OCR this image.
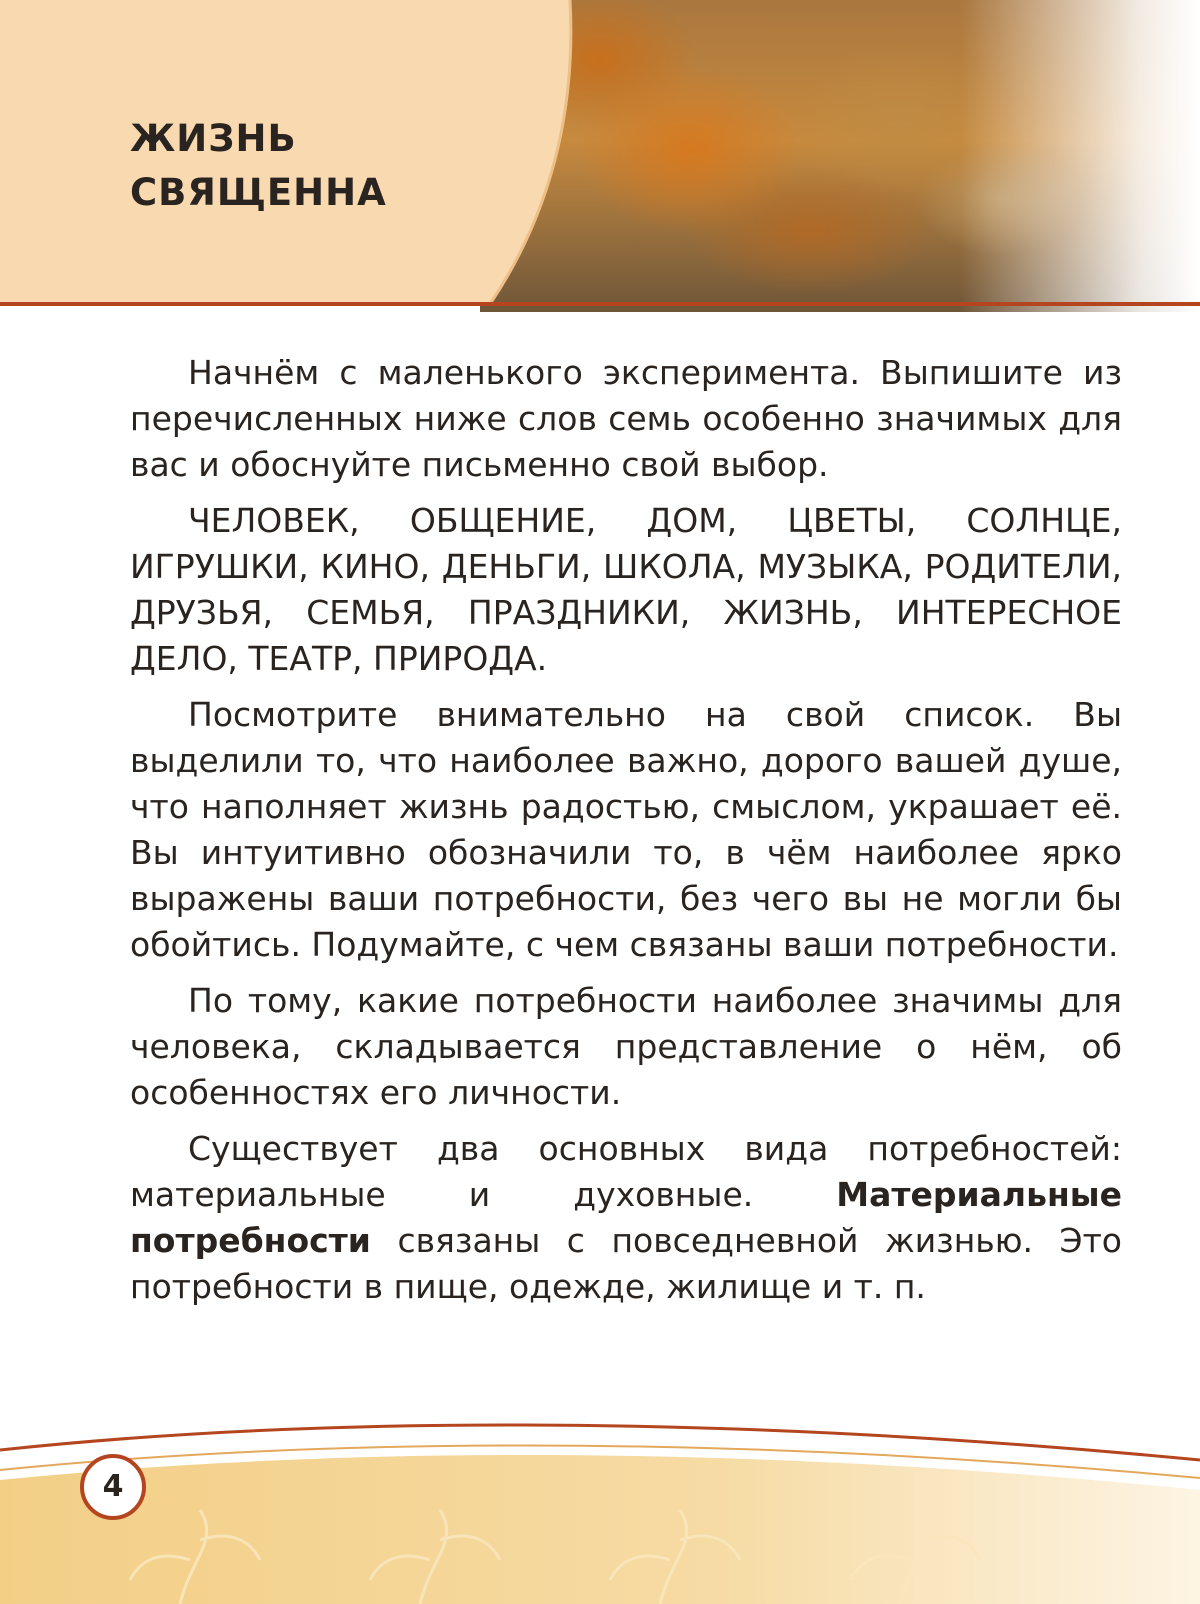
ЖИЗНЬ
СВЯЩЕННА

Начнём с маленького эксперимента. Выпишите из перечисленных ниже слов семь особенно значимых для вас и обоснуйте письменно свой выбор.

ЧЕЛОВЕК, ОБЩЕНИЕ, ДОМ, ЦВЕТЫ, СОЛНЦЕ, ИГРУШКИ, КИНО, ДЕНЬГИ, ШКОЛА, МУЗЫКА, РОДИТЕЛИ, ДРУЗЬЯ, СЕМЬЯ, ПРАЗДНИКИ, ЖИЗНЬ, ИНТЕРЕСНОЕ ДЕЛО, ТЕАТР, ПРИРОДА.

Посмотрите внимательно на свой список. Вы выделили то, что наиболее важно, дорого вашей душе, что наполняет жизнь радостью, смыслом, украшает её. Вы интуитивно обозначили то, в чём наиболее ярко выражены ваши потребности, без чего вы не могли бы обойтись. Подумайте, с чем связаны ваши потребности.

По тому, какие потребности наиболее значимы для человека, складывается представление о нём, об особенностях его личности.

Существует два основных вида потребностей: материальные и духовные. Материальные потребности связаны с повседневной жизнью. Это потребности в пище, одежде, жилище и т. п.

4
